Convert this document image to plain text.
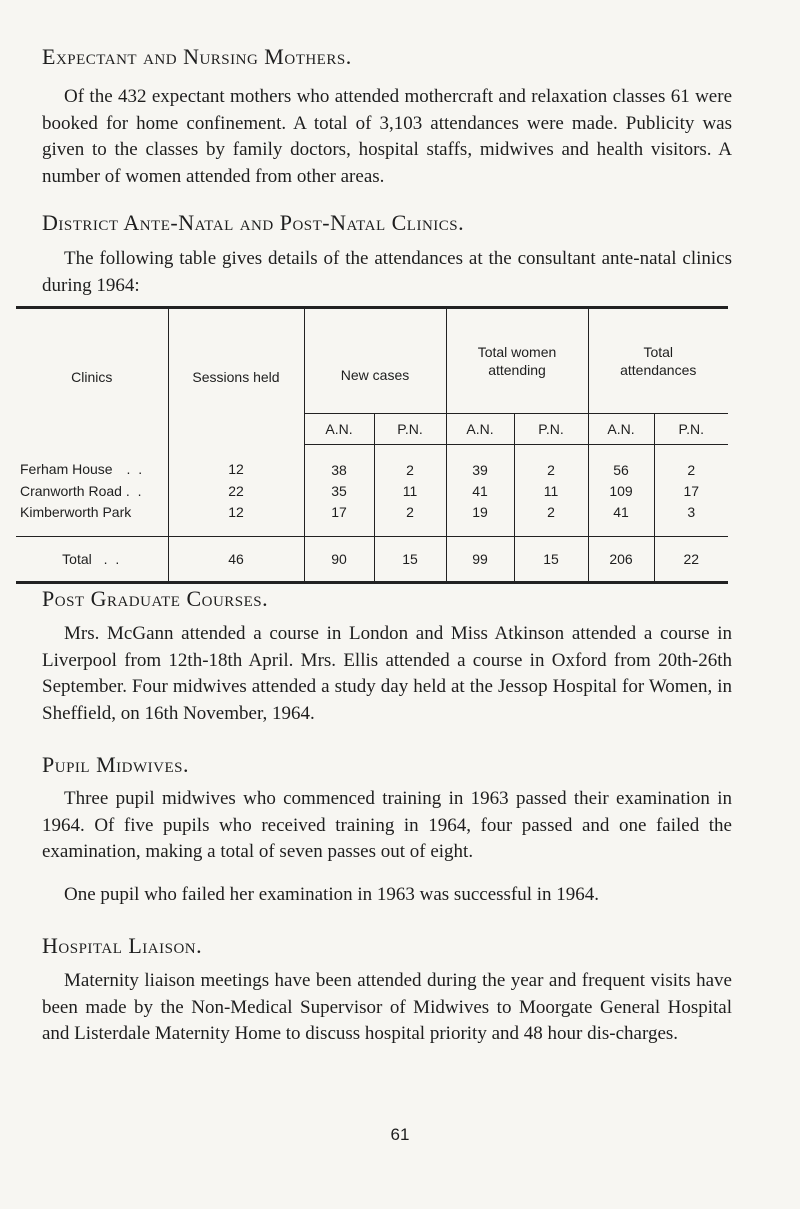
Expectant and Nursing Mothers.

Of the 432 expectant mothers who attended mothercraft and relaxation classes 61 were booked for home confinement. A total of 3,103 attendances were made. Publicity was given to the classes by family doctors, hospital staffs, midwives and health visitors. A number of women attended from other areas.

District Ante-Natal and Post-Natal Clinics.

The following table gives details of the attendances at the consultant ante-natal clinics during 1964:

Clinics	Sessions held	New cases		Total women attending		Total attendances	
		A.N.	P.N.	A.N.	P.N.	A.N.	P.N.
Ferham House . .	12	38	2	39	2	56	2
Cranworth Road . .	22	35	11	41	11	109	17
Kimberworth Park	12	17	2	19	2	41	3
Total . .	46	90	15	99	15	206	22
Post Graduate Courses.

Mrs. McGann attended a course in London and Miss Atkinson attended a course in Liverpool from 12th-18th April. Mrs. Ellis attended a course in Oxford from 20th-26th September. Four midwives attended a study day held at the Jessop Hospital for Women, in Sheffield, on 16th November, 1964.

Pupil Midwives.

Three pupil midwives who commenced training in 1963 passed their examination in 1964. Of five pupils who received training in 1964, four passed and one failed the examination, making a total of seven passes out of eight.

One pupil who failed her examination in 1963 was successful in 1964.

Hospital Liaison.

Maternity liaison meetings have been attended during the year and frequent visits have been made by the Non-Medical Supervisor of Midwives to Moorgate General Hospital and Listerdale Maternity Home to discuss hospital priority and 48 hour dis-charges.

61
